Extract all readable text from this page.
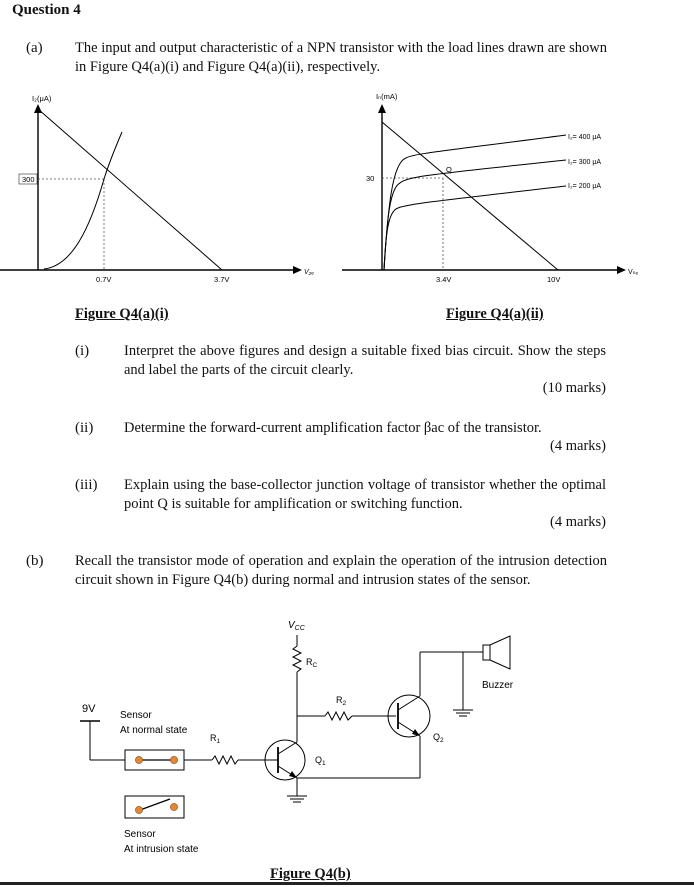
Question 4
(a) The input and output characteristic of a NPN transistor with the load lines drawn are shown in Figure Q4(a)(i) and Figure Q4(a)(ii), respectively.
I₂(μA)
300
0.7V	3.7V
V₂ₑ
Iₙ(mA)
30
Q
3.4V	10V
Vₙₑ
I₂= 400 μA
I₂= 300 μA
I₂= 200 μA
Figure Q4(a)(i)	Figure Q4(a)(ii)
(i) Interpret the above figures and design a suitable fixed bias circuit. Show the steps and label the parts of the circuit clearly.
(10 marks)
(ii) Determine the forward-current amplification factor βac of the transistor.
(4 marks)
(iii) Explain using the base-collector junction voltage of transistor whether the optimal point Q is suitable for amplification or switching function.
(4 marks)
(b) Recall the transistor mode of operation and explain the operation of the intrusion detection circuit shown in Figure Q4(b) during normal and intrusion states of the sensor.
$V_{CC}$
$R_C$
$R_2$
$R_1$
$Q_1$
$Q_2$
Buzzer
9V
Sensor
At normal state
Sensor
At intrusion state
Figure Q4(b)
